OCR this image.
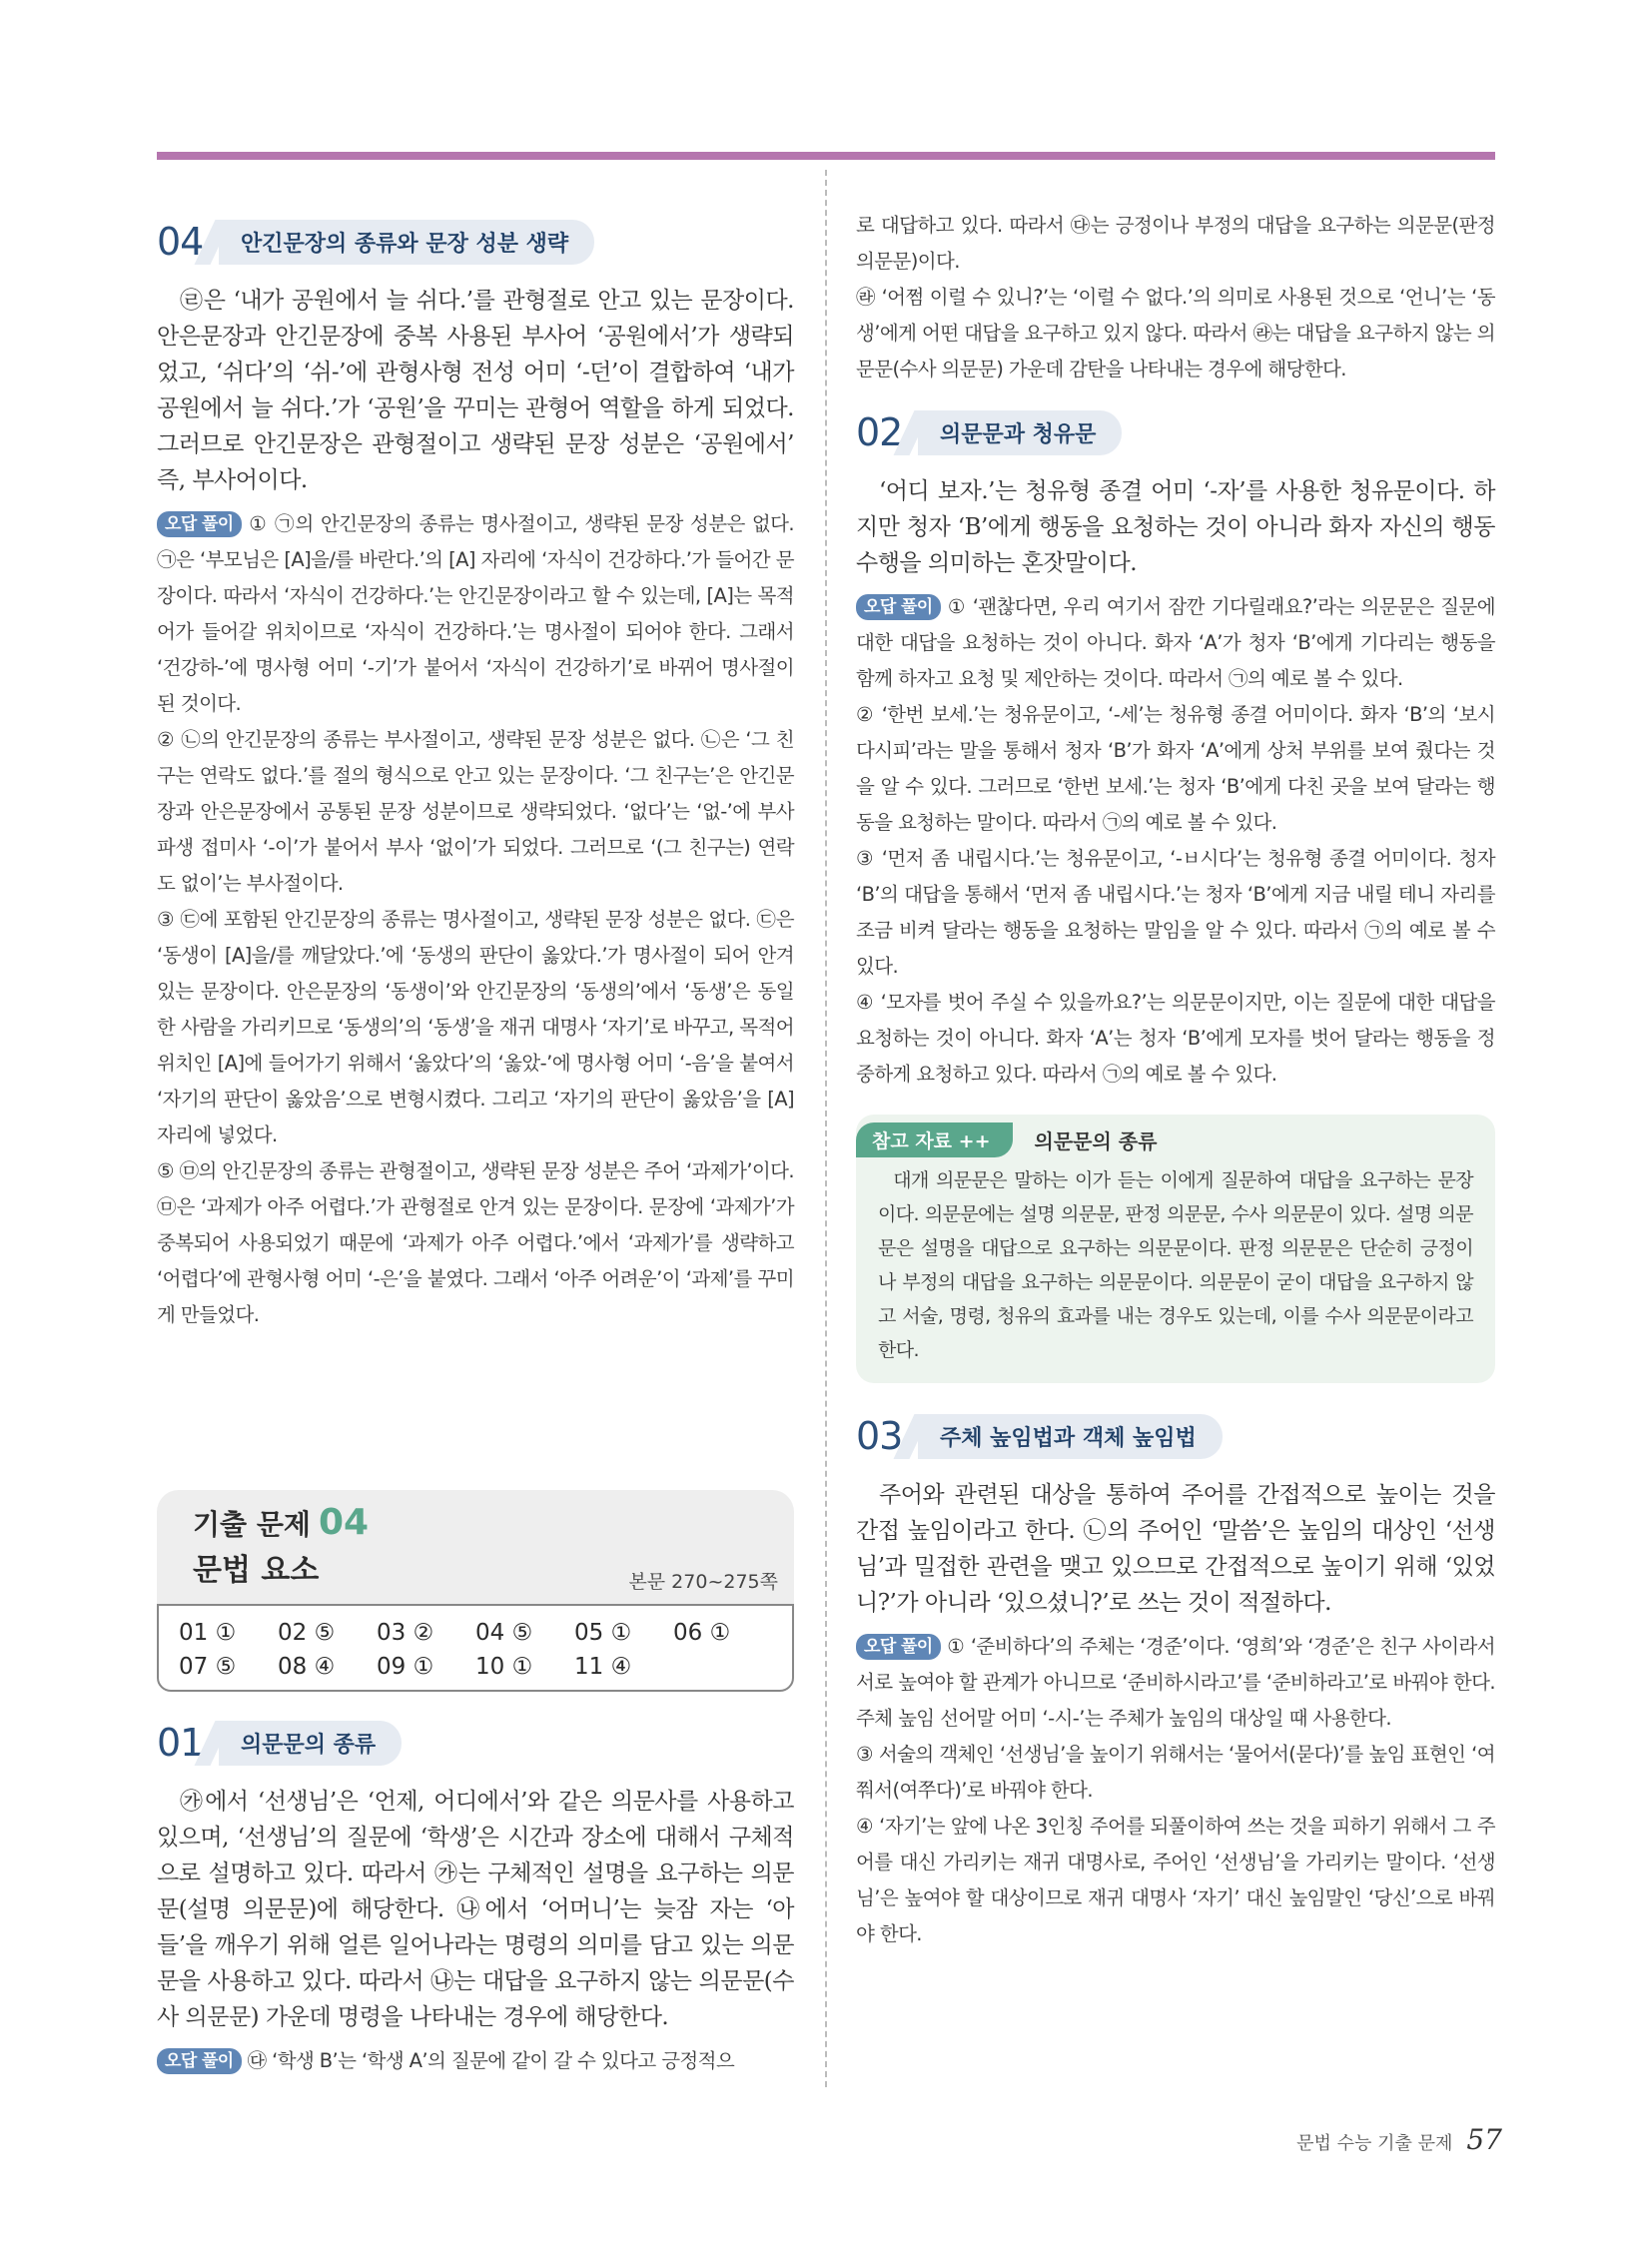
04	안긴문장의 종류와 문장 성분 생략

㉣은 ‘내가 공원에서 늘 쉬다.’를 관형절로 안고 있는 문장이다. 안은문장과 안긴문장에 중복 사용된 부사어 ‘공원에서’가 생략되었고, ‘쉬다’의 ‘쉬-’에 관형사형 전성 어미 ‘-던’이 결합하여 ‘내가 공원에서 늘 쉬다.’가 ‘공원’을 꾸미는 관형어 역할을 하게 되었다. 그러므로 안긴문장은 관형절이고 생략된 문장 성분은 ‘공원에서’ 즉, 부사어이다.

오답 풀이 ① ㉠의 안긴문장의 종류는 명사절이고, 생략된 문장 성분은 없다. ㉠은 ‘부모님은 [A]을/를 바란다.’의 [A] 자리에 ‘자식이 건강하다.’가 들어간 문장이다. 따라서 ‘자식이 건강하다.’는 안긴문장이라고 할 수 있는데, [A]는 목적어가 들어갈 위치이므로 ‘자식이 건강하다.’는 명사절이 되어야 한다. 그래서 ‘건강하-’에 명사형 어미 ‘-기’가 붙어서 ‘자식이 건강하기’로 바뀌어 명사절이 된 것이다.

② ㉡의 안긴문장의 종류는 부사절이고, 생략된 문장 성분은 없다. ㉡은 ‘그 친구는 연락도 없다.’를 절의 형식으로 안고 있는 문장이다. ‘그 친구는’은 안긴문장과 안은문장에서 공통된 문장 성분이므로 생략되었다. ‘없다’는 ‘없-’에 부사 파생 접미사 ‘-이’가 붙어서 부사 ‘없이’가 되었다. 그러므로 ‘(그 친구는) 연락도 없이’는 부사절이다.

③ ㉢에 포함된 안긴문장의 종류는 명사절이고, 생략된 문장 성분은 없다. ㉢은 ‘동생이 [A]을/를 깨달았다.’에 ‘동생의 판단이 옳았다.’가 명사절이 되어 안겨 있는 문장이다. 안은문장의 ‘동생이’와 안긴문장의 ‘동생의’에서 ‘동생’은 동일한 사람을 가리키므로 ‘동생의’의 ‘동생’을 재귀 대명사 ‘자기’로 바꾸고, 목적어 위치인 [A]에 들어가기 위해서 ‘옳았다’의 ‘옳았-’에 명사형 어미 ‘-음’을 붙여서 ‘자기의 판단이 옳았음’으로 변형시켰다. 그리고 ‘자기의 판단이 옳았음’을 [A] 자리에 넣었다.

⑤ ㉤의 안긴문장의 종류는 관형절이고, 생략된 문장 성분은 주어 ‘과제가’이다. ㉤은 ‘과제가 아주 어렵다.’가 관형절로 안겨 있는 문장이다. 문장에 ‘과제가’가 중복되어 사용되었기 때문에 ‘과제가 아주 어렵다.’에서 ‘과제가’를 생략하고 ‘어렵다’에 관형사형 어미 ‘-은’을 붙였다. 그래서 ‘아주 어려운’이 ‘과제’를 꾸미게 만들었다.

기출 문제 04
문법 요소	본문 270~275쪽
01 ①	02 ⑤	03 ②	04 ⑤	05 ①	06 ①
07 ⑤	08 ④	09 ①	10 ①	11 ④
01	의문문의 종류

㉮에서 ‘선생님’은 ‘언제, 어디에서’와 같은 의문사를 사용하고 있으며, ‘선생님’의 질문에 ‘학생’은 시간과 장소에 대해서 구체적으로 설명하고 있다. 따라서 ㉮는 구체적인 설명을 요구하는 의문문(설명 의문문)에 해당한다. ㉯에서 ‘어머니’는 늦잠 자는 ‘아들’을 깨우기 위해 얼른 일어나라는 명령의 의미를 담고 있는 의문문을 사용하고 있다. 따라서 ㉯는 대답을 요구하지 않는 의문문(수사 의문문) 가운데 명령을 나타내는 경우에 해당한다.

오답 풀이 ㉰ ‘학생 B’는 ‘학생 A’의 질문에 같이 갈 수 있다고 긍정적으

로 대답하고 있다. 따라서 ㉰는 긍정이나 부정의 대답을 요구하는 의문문(판정 의문문)이다.

㉱ ‘어쩜 이럴 수 있니?’는 ‘이럴 수 없다.’의 의미로 사용된 것으로 ‘언니’는 ‘동생’에게 어떤 대답을 요구하고 있지 않다. 따라서 ㉱는 대답을 요구하지 않는 의문문(수사 의문문) 가운데 감탄을 나타내는 경우에 해당한다.

02	의문문과 청유문

‘어디 보자.’는 청유형 종결 어미 ‘-자’를 사용한 청유문이다. 하지만 청자 ‘B’에게 행동을 요청하는 것이 아니라 화자 자신의 행동 수행을 의미하는 혼잣말이다.

오답 풀이 ① ‘괜찮다면, 우리 여기서 잠깐 기다릴래요?’라는 의문문은 질문에 대한 대답을 요청하는 것이 아니다. 화자 ‘A’가 청자 ‘B’에게 기다리는 행동을 함께 하자고 요청 및 제안하는 것이다. 따라서 ㉠의 예로 볼 수 있다.

② ‘한번 보세.’는 청유문이고, ‘-세’는 청유형 종결 어미이다. 화자 ‘B’의 ‘보시다시피’라는 말을 통해서 청자 ‘B’가 화자 ‘A’에게 상처 부위를 보여 줬다는 것을 알 수 있다. 그러므로 ‘한번 보세.’는 청자 ‘B’에게 다친 곳을 보여 달라는 행동을 요청하는 말이다. 따라서 ㉠의 예로 볼 수 있다.

③ ‘먼저 좀 내립시다.’는 청유문이고, ‘-ㅂ시다’는 청유형 종결 어미이다. 청자 ‘B’의 대답을 통해서 ‘먼저 좀 내립시다.’는 청자 ‘B’에게 지금 내릴 테니 자리를 조금 비켜 달라는 행동을 요청하는 말임을 알 수 있다. 따라서 ㉠의 예로 볼 수 있다.

④ ‘모자를 벗어 주실 수 있을까요?’는 의문문이지만, 이는 질문에 대한 대답을 요청하는 것이 아니다. 화자 ‘A’는 청자 ‘B’에게 모자를 벗어 달라는 행동을 정중하게 요청하고 있다. 따라서 ㉠의 예로 볼 수 있다.

참고 자료 ++	의문문의 종류
대개 의문문은 말하는 이가 듣는 이에게 질문하여 대답을 요구하는 문장이다. 의문문에는 설명 의문문, 판정 의문문, 수사 의문문이 있다. 설명 의문문은 설명을 대답으로 요구하는 의문문이다. 판정 의문문은 단순히 긍정이나 부정의 대답을 요구하는 의문문이다. 의문문이 굳이 대답을 요구하지 않고 서술, 명령, 청유의 효과를 내는 경우도 있는데, 이를 수사 의문문이라고 한다.
03	주체 높임법과 객체 높임법

주어와 관련된 대상을 통하여 주어를 간접적으로 높이는 것을 간접 높임이라고 한다. ㉡의 주어인 ‘말씀’은 높임의 대상인 ‘선생님’과 밀접한 관련을 맺고 있으므로 간접적으로 높이기 위해 ‘있었니?’가 아니라 ‘있으셨니?’로 쓰는 것이 적절하다.

오답 풀이 ① ‘준비하다’의 주체는 ‘경준’이다. ‘영희’와 ‘경준’은 친구 사이라서 서로 높여야 할 관계가 아니므로 ‘준비하시라고’를 ‘준비하라고’로 바꿔야 한다. 주체 높임 선어말 어미 ‘-시-’는 주체가 높임의 대상일 때 사용한다.

③ 서술의 객체인 ‘선생님’을 높이기 위해서는 ‘물어서(묻다)’를 높임 표현인 ‘여쭤서(여쭈다)’로 바꿔야 한다.

④ ‘자기’는 앞에 나온 3인칭 주어를 되풀이하여 쓰는 것을 피하기 위해서 그 주어를 대신 가리키는 재귀 대명사로, 주어인 ‘선생님’을 가리키는 말이다. ‘선생님’은 높여야 할 대상이므로 재귀 대명사 ‘자기’ 대신 높임말인 ‘당신’으로 바꿔야 한다.

문법 수능 기출 문제 57
